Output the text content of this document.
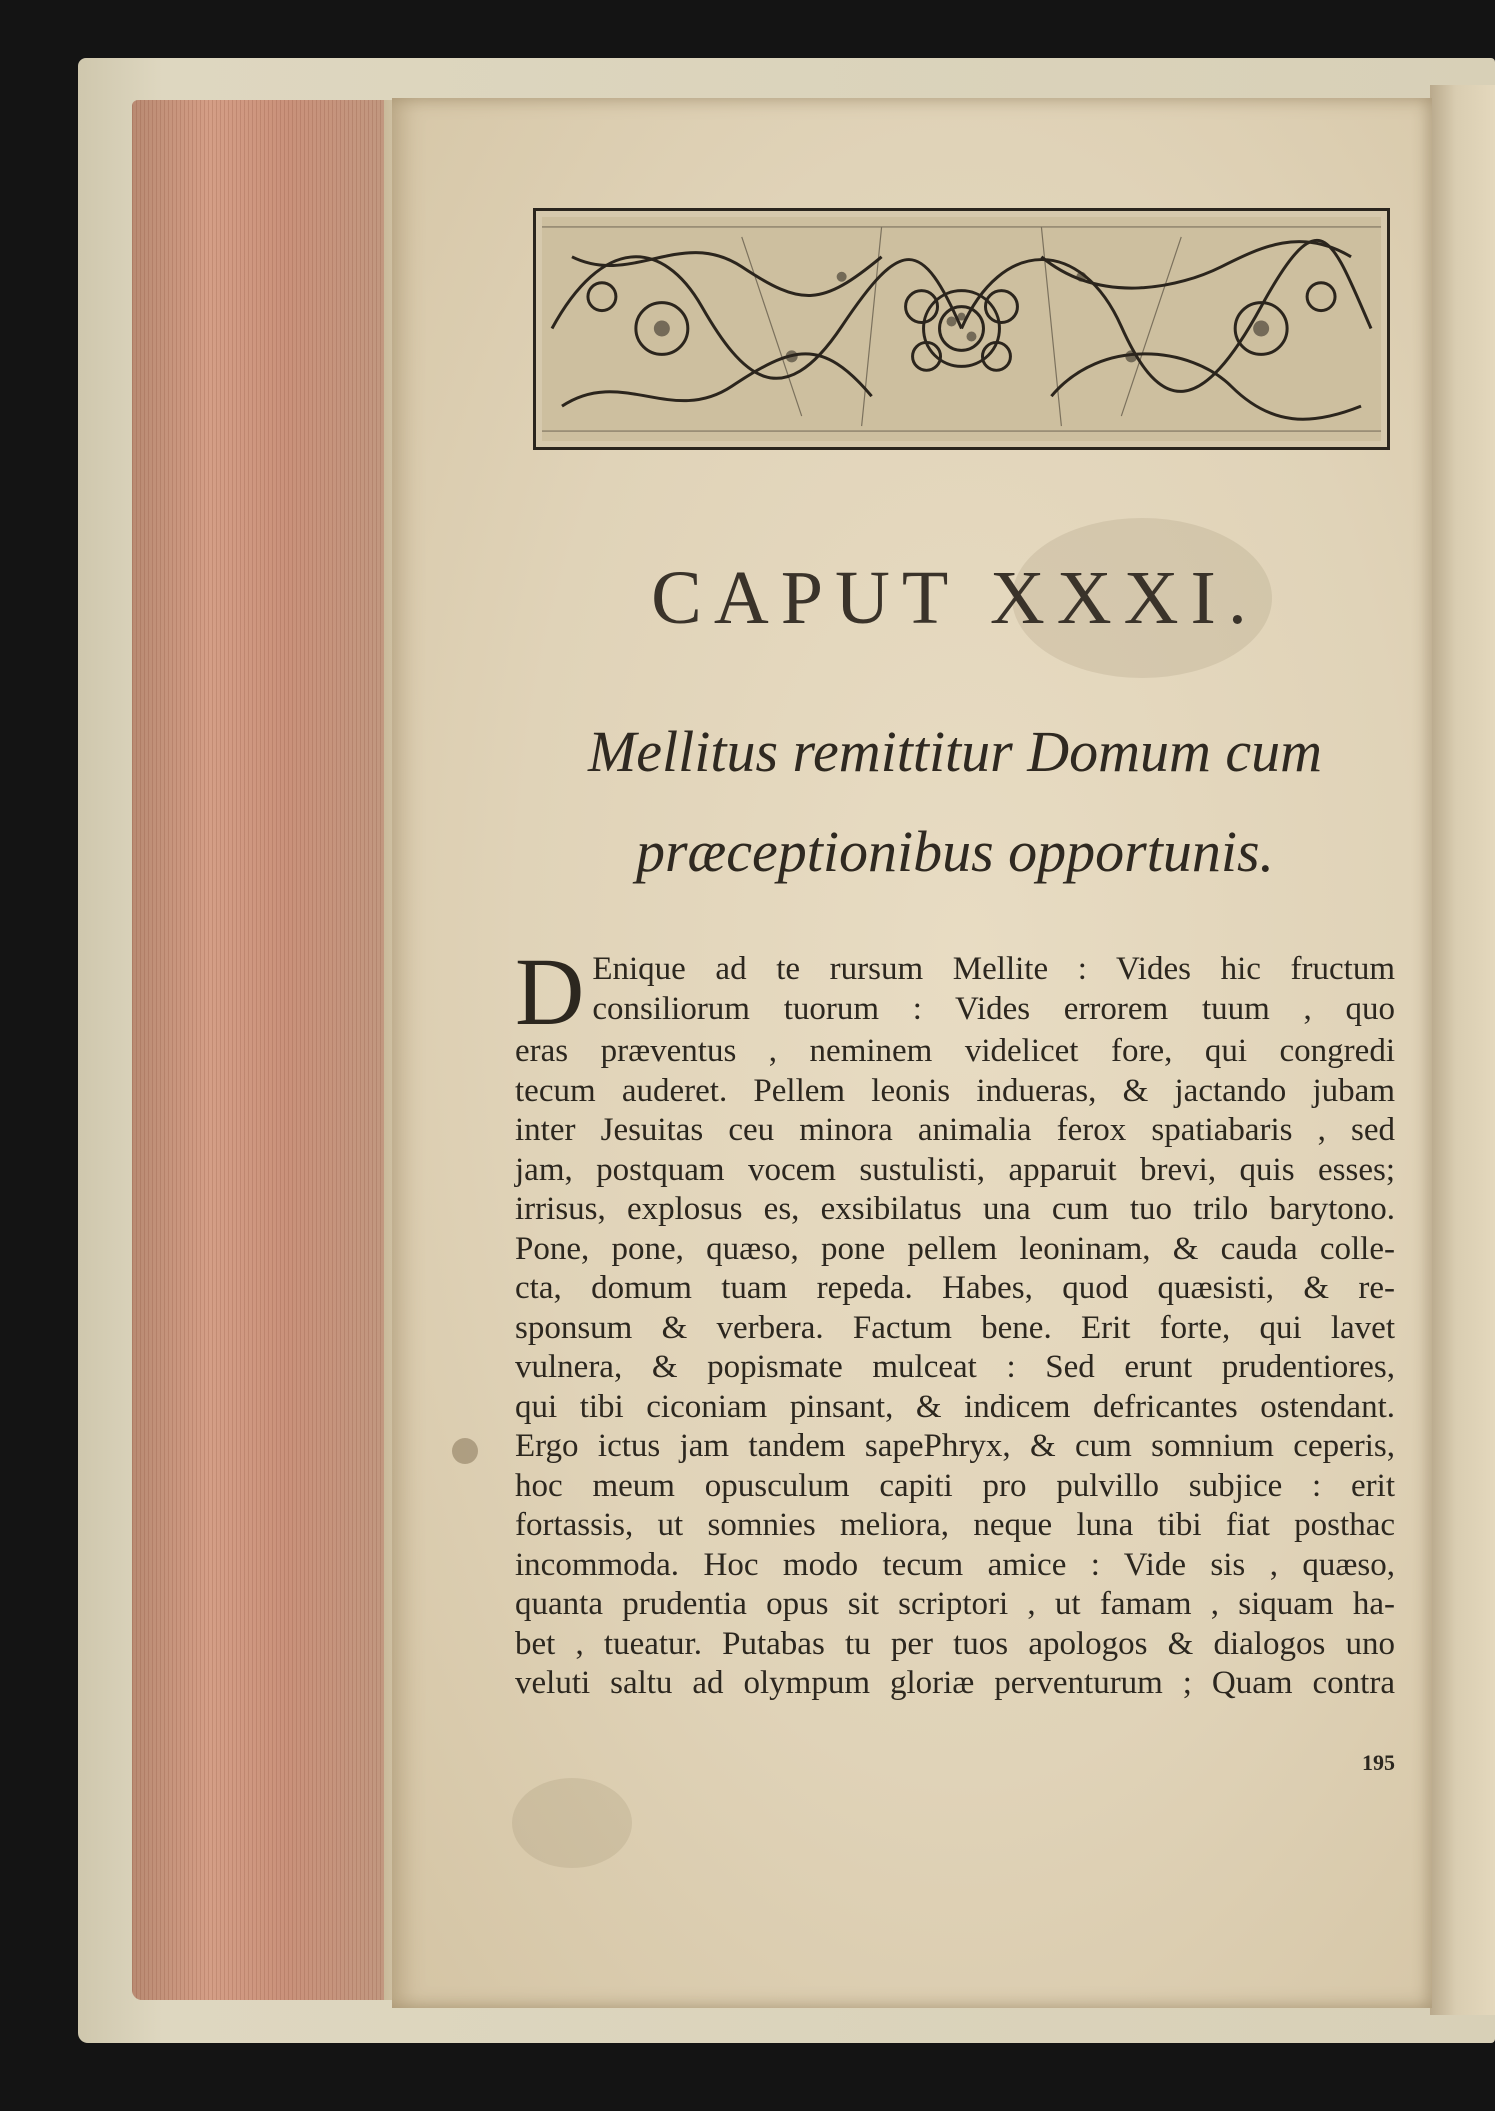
CAPUT XXXI.
Mellitus remittitur Domum cum
præceptionibus opportunis.
D Enique ad te rursum Mellite : Vides hic fructum
consiliorum tuorum : Vides errorem tuum , quo
eras præventus , neminem videlicet fore, qui congredi
tecum auderet. Pellem leonis indueras, & jactando jubam
inter Jesuitas ceu minora animalia ferox spatiabaris , sed
jam, postquam vocem sustulisti, apparuit brevi, quis esses;
irrisus, explosus es, exsibilatus una cum tuo trilo barytono.
Pone, pone, quæso, pone pellem leoninam, & cauda colle-
cta, domum tuam repeda. Habes, quod quæsisti, & re-
sponsum & verbera. Factum bene. Erit forte, qui lavet
vulnera, & popismate mulceat : Sed erunt prudentiores,
qui tibi ciconiam pinsant, & indicem defricantes ostendant.
Ergo ictus jam tandem sapePhryx, & cum somnium ceperis,
hoc meum opusculum capiti pro pulvillo subjice : erit
fortassis, ut somnies meliora, neque luna tibi fiat posthac
incommoda. Hoc modo tecum amice : Vide sis , quæso,
quanta prudentia opus sit scriptori , ut famam , siquam ha-
bet , tueatur. Putabas tu per tuos apologos & dialogos uno
veluti saltu ad olympum gloriæ perventurum ; Quam contra
195
